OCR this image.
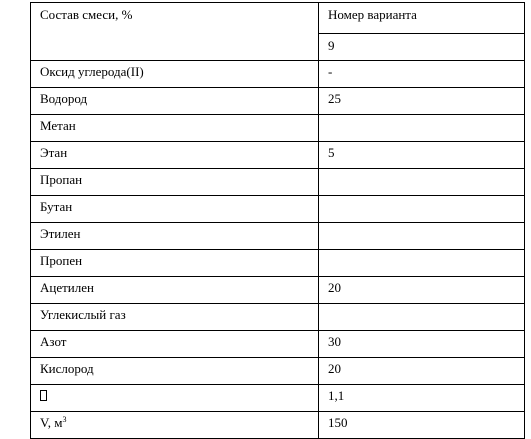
Состав смеси, %	Номер варианта
	9
Оксид углерода(II)	-
Водород	25
Метан	
Этан	5
Пропан	
Бутан	
Этилен	
Пропен	
Ацетилен	20
Углекислый газ	
Азот	30
Кислород	20
	1,1
V, $м^3$	150
